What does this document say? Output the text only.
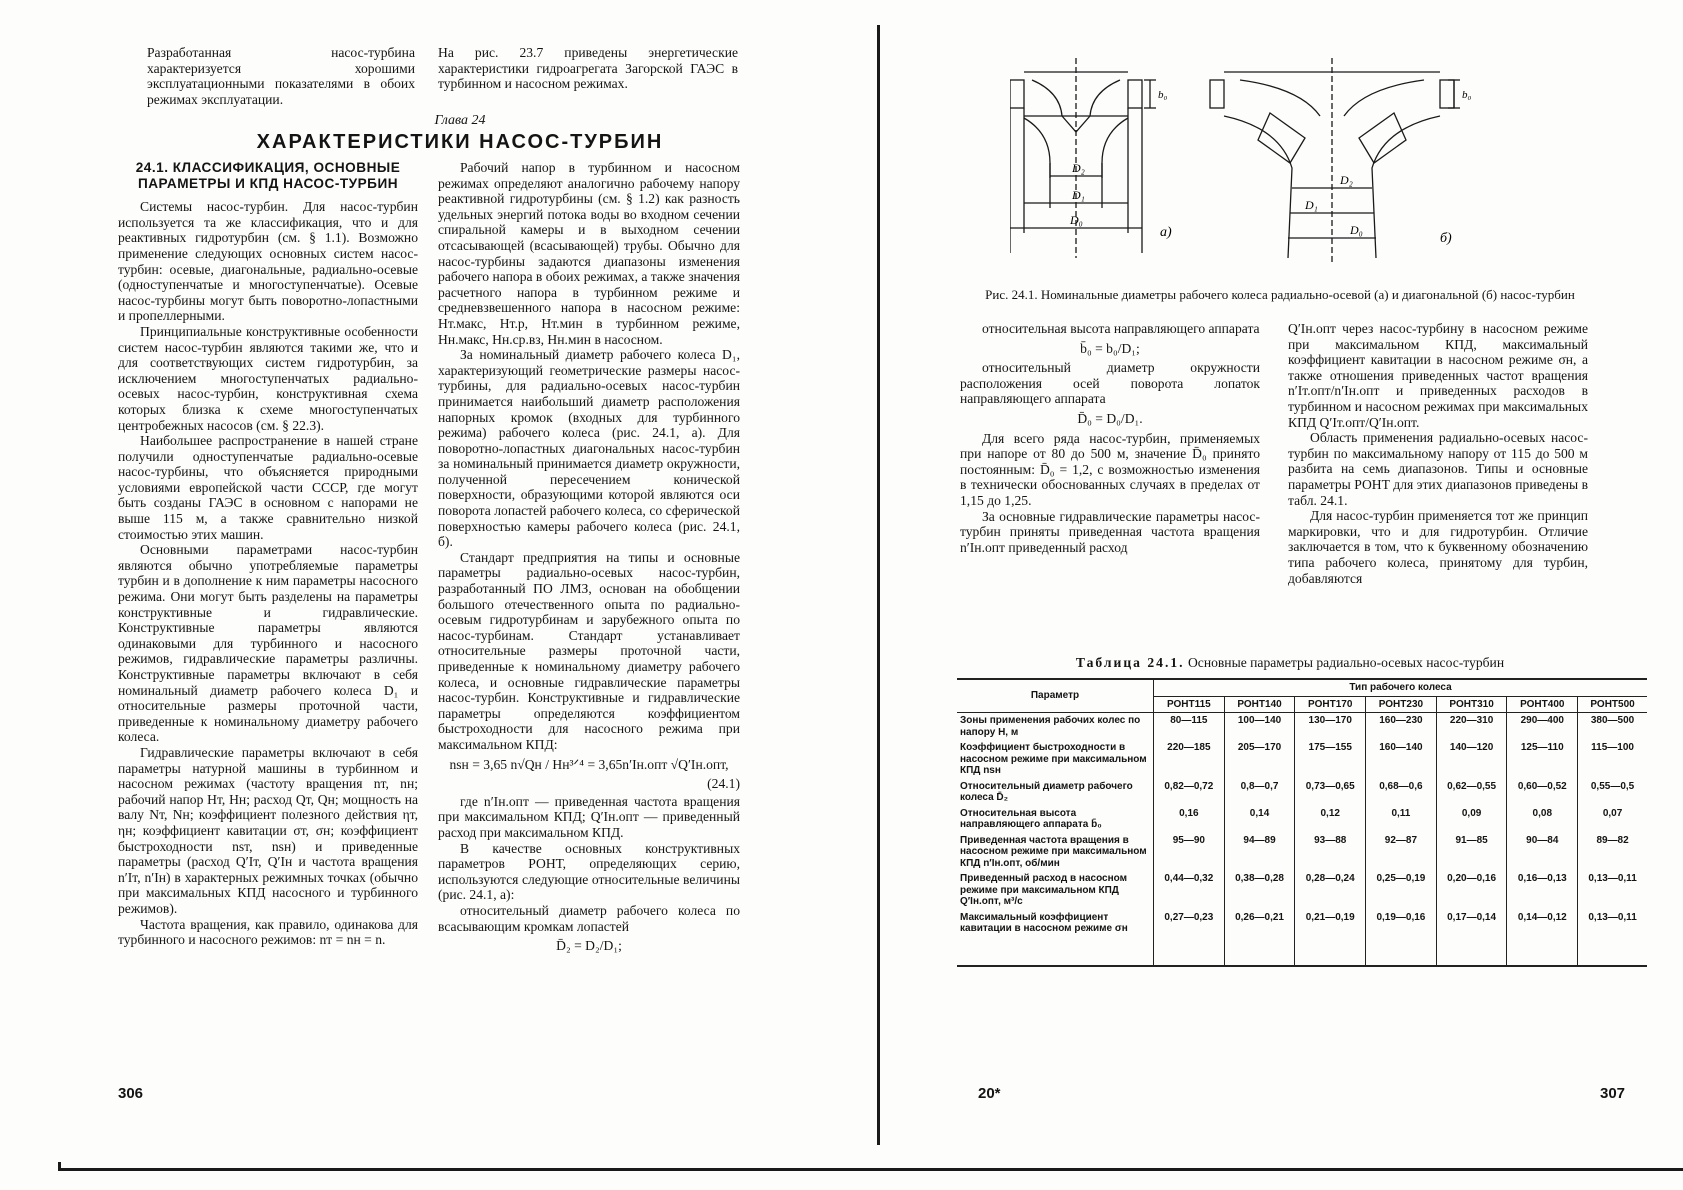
Разработанная насос-турбина характеризуется хорошими эксплуатационными показателями в обоих режимах эксплуатации.
На рис. 23.7 приведены энергетические характеристики гидроагрегата Загорской ГАЭС в турбинном и насосном режимах.
Глава 24
ХАРАКТЕРИСТИКИ НАСОС-ТУРБИН
24.1. КЛАССИФИКАЦИЯ, ОСНОВНЫЕ ПАРАМЕТРЫ И КПД НАСОС-ТУРБИН

Системы насос-турбин. Для насос-турбин используется та же классификация, что и для реактивных гидротурбин (см. § 1.1). Возможно применение следующих основных систем насос-турбин: осевые, диагональные, радиально-осевые (одноступенчатые и многоступенчатые). Осевые насос-турбины могут быть поворотно-лопастными и пропеллерными.

Принципиальные конструктивные особенности систем насос-турбин являются такими же, что и для соответствующих систем гидротурбин, за исключением многоступенчатых радиально-осевых насос-турбин, конструктивная схема которых близка к схеме многоступенчатых центробежных насосов (см. § 22.3).

Наибольшее распространение в нашей стране получили одноступенчатые радиально-осевые насос-турбины, что объясняется природными условиями европейской части СССР, где могут быть созданы ГАЭС в основном с напорами не выше 115 м, а также сравнительно низкой стоимостью этих машин.

Основными параметрами насос-турбин являются обычно употребляемые параметры турбин и в дополнение к ним параметры насосного режима. Они могут быть разделены на параметры конструктивные и гидравлические. Конструктивные параметры являются одинаковыми для турбинного и насосного режимов, гидравлические параметры различны. Конструктивные параметры включают в себя номинальный диаметр рабочего колеса D₁ и относительные размеры проточной части, приведенные к номинальному диаметру рабочего колеса.

Гидравлические параметры включают в себя параметры натурной машины в турбинном и насосном режимах (частоту вращения nт, nн; рабочий напор Hт, Hн; расход Qт, Qн; мощность на валу Nт, Nн; коэффициент полезного действия ηт, ηн; коэффициент кавитации σт, σн; коэффициент быстроходности nsт, nsн) и приведенные параметры (расход Q′Iт, Q′Iн и частота вращения n′Iт, n′Iн) в характерных режимных точках (обычно при максимальных КПД насосного и турбинного режимов).

Частота вращения, как правило, одинакова для турбинного и насосного режимов: nт = nн = n.

Рабочий напор в турбинном и насосном режимах определяют аналогично рабочему напору реактивной гидротурбины (см. § 1.2) как разность удельных энергий потока воды во входном сечении спиральной камеры и в выходном сечении отсасывающей (всасывающей) трубы. Обычно для насос-турбины задаются диапазоны изменения рабочего напора в обоих режимах, а также значения расчетного напора в турбинном режиме и средневзвешенного напора в насосном режиме: Hт.макс, Hт.р, Hт.мин в турбинном режиме, Hн.макс, Hн.ср.вз, Hн.мин в насосном.

За номинальный диаметр рабочего колеса D₁, характеризующий геометрические размеры насос-турбины, для радиально-осевых насос-турбин принимается наибольший диаметр расположения напорных кромок (входных для турбинного режима) рабочего колеса (рис. 24.1, а). Для поворотно-лопастных диагональных насос-турбин за номинальный принимается диаметр окружности, полученной пересечением конической поверхности, образующими которой являются оси поворота лопастей рабочего колеса, со сферической поверхностью камеры рабочего колеса (рис. 24.1, б).

Стандарт предприятия на типы и основные параметры радиально-осевых насос-турбин, разработанный ПО ЛМЗ, основан на обобщении большого отечественного опыта по радиально-осевым гидротурбинам и зарубежного опыта по насос-турбинам. Стандарт устанавливает относительные размеры проточной части, приведенные к номинальному диаметру рабочего колеса, и основные гидравлические параметры насос-турбин. Конструктивные и гидравлические параметры определяются коэффициентом быстроходности для насосного режима при максимальном КПД:

nsн = 3,65 n√Qн / Hн³ᐟ⁴ = 3,65n′Iн.опт √Q′Iн.опт,

(24.1)

где n′Iн.опт — приведенная частота вращения при максимальном КПД; Q′Iн.опт — приведенный расход при максимальном КПД.

В качестве основных конструктивных параметров РОНТ, определяющих серию, используются следующие относительные величины (рис. 24.1, а):

относительный диаметр рабочего колеса по всасывающим кромкам лопастей

D̄₂ = D₂/D₁;

306
D₂
D₁
D₀
b₀
а)
D₂
D₁
D₀
b₀
б)
Рис. 24.1. Номинальные диаметры рабочего колеса радиально-осевой (а) и диагональной (б) насос-турбин

относительная высота направляющего аппарата

b̄₀ = b₀/D₁;

относительный диаметр окружности расположения осей поворота лопаток направляющего аппарата

D̄₀ = D₀/D₁.

Для всего ряда насос-турбин, применяемых при напоре от 80 до 500 м, значение D̄₀ принято постоянным: D̄₀ = 1,2, с возможностью изменения в технически обоснованных случаях в пределах от 1,15 до 1,25.

За основные гидравлические параметры насос-турбин приняты приведенная частота вращения n′Iн.опт приведенный расход

Q′Iн.опт через насос-турбину в насосном режиме при максимальном КПД, максимальный коэффициент кавитации в насосном режиме σн, а также отношения приведенных частот вращения n′Iт.опт/n′Iн.опт и приведенных расходов в турбинном и насосном режимах при максимальных КПД Q′Iт.опт/Q′Iн.опт.

Область применения радиально-осевых насос-турбин по максимальному напору от 115 до 500 м разбита на семь диапазонов. Типы и основные параметры РОНТ для этих диапазонов приведены в табл. 24.1.

Для насос-турбин применяется тот же принцип маркировки, что и для гидротурбин. Отличие заключается в том, что к буквенному обозначению типа рабочего колеса, принятому для турбин, добавляются

Таблица 24.1. Основные параметры радиально-осевых насос-турбин
Параметр	Тип рабочего колеса						
	РОНТ115	РОНТ140	РОНТ170	РОНТ230	РОНТ310	РОНТ400	РОНТ500
Зоны применения рабочих колес по напору H, м	80—115	100—140	130—170	160—230	220—310	290—400	380—500
Коэффициент быстроходности в насосном режиме при максимальном КПД nsн	220—185	205—170	175—155	160—140	140—120	125—110	115—100
Относительный диаметр рабочего колеса D̄₂	0,82—0,72	0,8—0,7	0,73—0,65	0,68—0,6	0,62—0,55	0,60—0,52	0,55—0,5
Относительная высота направляющего аппарата b̄₀	0,16	0,14	0,12	0,11	0,09	0,08	0,07
Приведенная частота вращения в насосном режиме при максимальном КПД n′Iн.опт, об/мин	95—90	94—89	93—88	92—87	91—85	90—84	89—82
Приведенный расход в насосном режиме при максимальном КПД Q′Iн.опт, м³/с	0,44—0,32	0,38—0,28	0,28—0,24	0,25—0,19	0,20—0,16	0,16—0,13	0,13—0,11
Максимальный коэффициент кавитации в насосном режиме σн	0,27—0,23	0,26—0,21	0,21—0,19	0,19—0,16	0,17—0,14	0,14—0,12	0,13—0,11
20*	307
